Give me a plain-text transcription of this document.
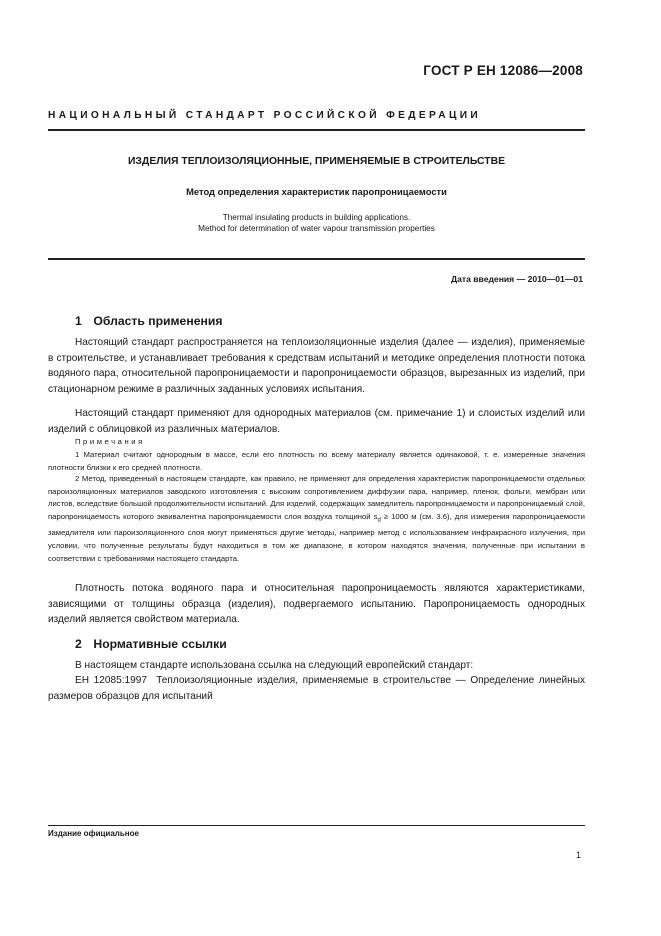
ГОСТ Р ЕН 12086—2008
НАЦИОНАЛЬНЫЙ СТАНДАРТ РОССИЙСКОЙ ФЕДЕРАЦИИ
ИЗДЕЛИЯ ТЕПЛОИЗОЛЯЦИОННЫЕ, ПРИМЕНЯЕМЫЕ В СТРОИТЕЛЬСТВЕ
Метод определения характеристик паропроницаемости
Thermal insulating products in building applications.
Method for determination of water vapour transmission properties
Дата введения — 2010—01—01
1 Область применения

Настоящий стандарт распространяется на теплоизоляционные изделия (далее — изделия), применяемые в строительстве, и устанавливает требования к средствам испытаний и методике определения плотности потока водяного пара, относительной паропроницаемости и паропроницаемости образцов, вырезанных из изделий, при стационарном режиме в различных заданных условиях испытания.

Настоящий стандарт применяют для однородных материалов (см. примечание 1) и слоистых изделий или изделий с облицовкой из различных материалов.

Примечания

1 Материал считают однородным в массе, если его плотность по всему материалу является одинаковой, т. е. измеренные значения плотности близки к его средней плотности.

2 Метод, приведенный в настоящем стандарте, как правило, не применяют для определения характеристик паропроницаемости отдельных пароизоляционных материалов заводского изготовления с высоким сопротивлением диффузии пара, например, пленок, фольги, мембран или листов, вследствие большой продолжительности испытаний. Для изделий, содержащих замедлитель паропроницаемости и паропроницаемый слой, паропроницаемость которого эквивалентна паропроницаемости слоя воздуха толщиной $s_d \ge 1000$ м (см. 3.6), для измерения паропроницаемости замедлителя или пароизоляционного слоя могут применяться другие методы, например метод с использованием инфракрасного излучения, при условии, что полученные результаты будут находиться в том же диапазоне, в котором находятся значения, полученные при испытании в соответствии с требованиями настоящего стандарта.

Плотность потока водяного пара и относительная паропроницаемость являются характеристиками, зависящими от толщины образца (изделия), подвергаемого испытанию. Паропроницаемость однородных изделий является свойством материала.

2 Нормативные ссылки

В настоящем стандарте использована ссылка на следующий европейский стандарт:

ЕН 12085:1997 Теплоизоляционные изделия, применяемые в строительстве — Определение линейных размеров образцов для испытаний

Издание официальное
1
